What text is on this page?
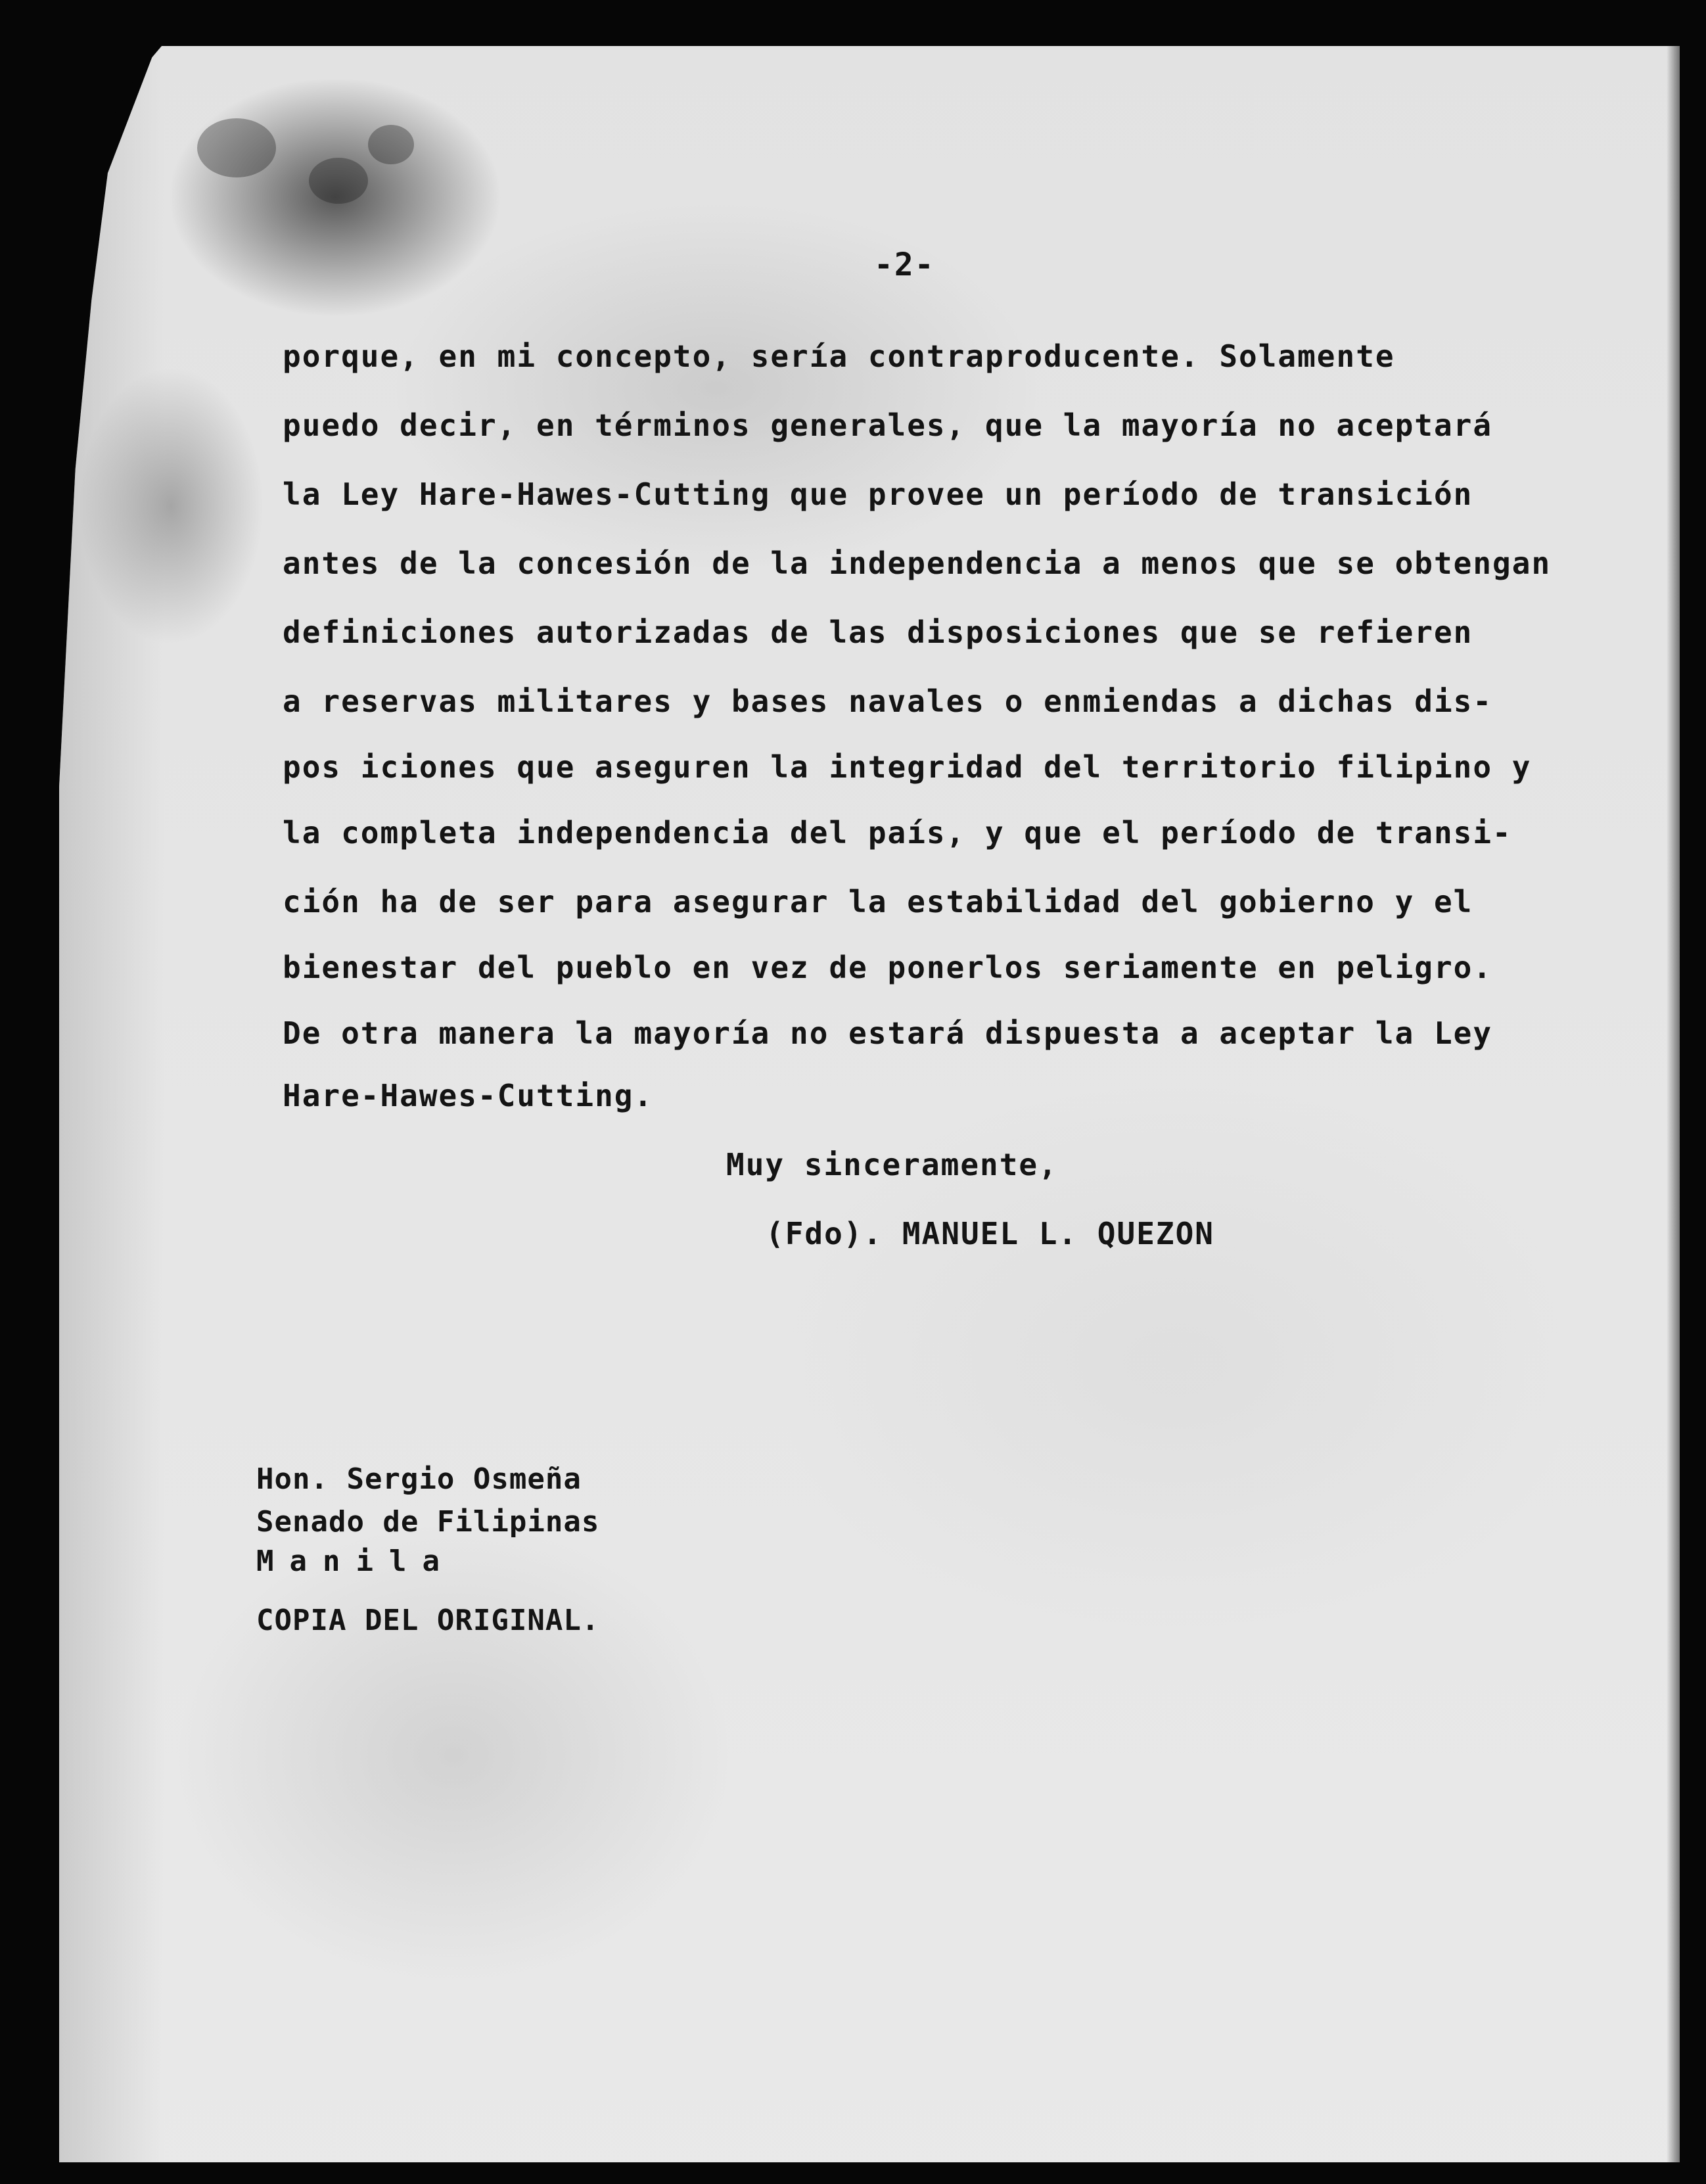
-2-
porque, en mi concepto, sería contraproducente. Solamente
puedo decir, en términos generales, que la mayoría no aceptará
la Ley Hare-Hawes-Cutting que provee un período de transición
antes de la concesión de la independencia a menos que se obtengan
definiciones autorizadas de las disposiciones que se refieren
a reservas militares y bases navales o enmiendas a dichas dis-
pos iciones que aseguren la integridad del territorio filipino y
la completa independencia del país, y que el período de transi-
ción ha de ser para asegurar la estabilidad del gobierno y el
bienestar del pueblo en vez de ponerlos seriamente en peligro.
De otra manera la mayoría no estará dispuesta a aceptar la Ley
Hare-Hawes-Cutting.
Muy sinceramente,
(Fdo). MANUEL L. QUEZON
Hon. Sergio Osmeña
Senado de Filipinas
Manila
COPIA DEL ORIGINAL.
